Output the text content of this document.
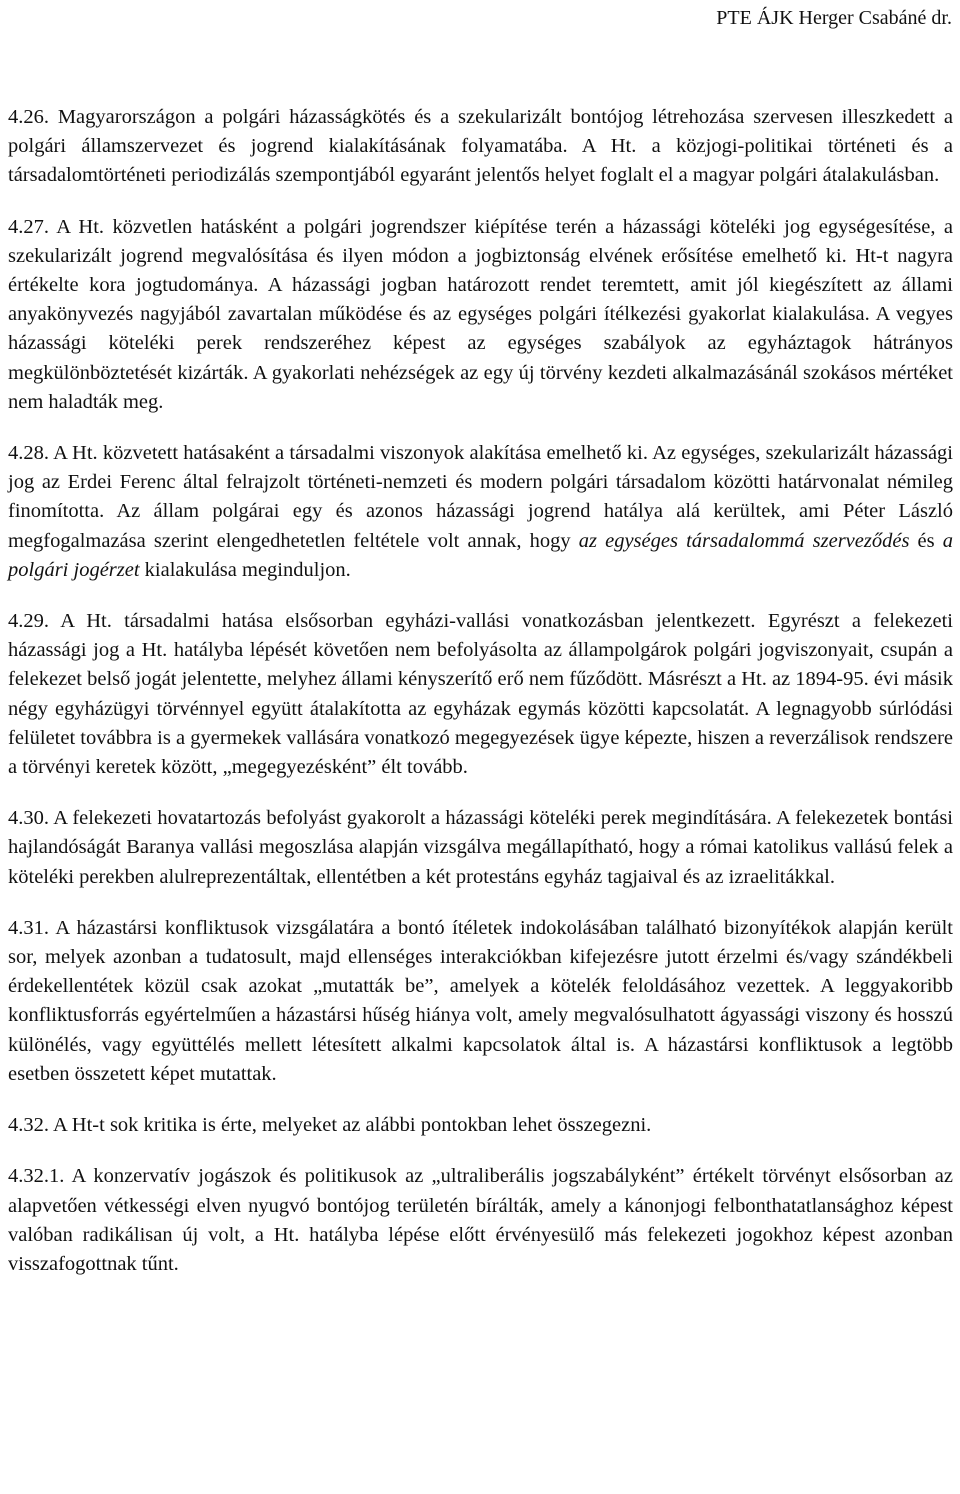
PTE ÁJK Herger Csabáné dr.

4.26. Magyarországon a polgári házasságkötés és a szekularizált bontójog létrehozása szervesen illeszkedett a polgári államszervezet és jogrend kialakításának folyamatába. A Ht. a közjogi-politikai történeti és a társadalomtörténeti periodizálás szempontjából egyaránt jelentős helyet foglalt el a magyar polgári átalakulásban.

4.27. A Ht. közvetlen hatásként a polgári jogrendszer kiépítése terén a házassági köteléki jog egységesítése, a szekularizált jogrend megvalósítása és ilyen módon a jogbiztonság elvének erősítése emelhető ki. Ht-t nagyra értékelte kora jogtudománya. A házassági jogban határozott rendet teremtett, amit jól kiegészített az állami anyakönyvezés nagyjából zavartalan működése és az egységes polgári ítélkezési gyakorlat kialakulása. A vegyes házassági köteléki perek rendszeréhez képest az egységes szabályok az egyháztagok hátrányos megkülönböztetését kizárták. A gyakorlati nehézségek az egy új törvény kezdeti alkalmazásánál szokásos mértéket nem haladták meg.

4.28. A Ht. közvetett hatásaként a társadalmi viszonyok alakítása emelhető ki. Az egységes, szekularizált házassági jog az Erdei Ferenc által felrajzolt történeti-nemzeti és modern polgári társadalom közötti határvonalat némileg finomította. Az állam polgárai egy és azonos házassági jogrend hatálya alá kerültek, ami Péter László megfogalmazása szerint elengedhetetlen feltétele volt annak, hogy az egységes társadalommá szerveződés és a polgári jogérzet kialakulása meginduljon.

4.29. A Ht. társadalmi hatása elsősorban egyházi-vallási vonatkozásban jelentkezett. Egyrészt a felekezeti házassági jog a Ht. hatályba lépését követően nem befolyásolta az állampolgárok polgári jogviszonyait, csupán a felekezet belső jogát jelentette, melyhez állami kényszerítő erő nem fűződött. Másrészt a Ht. az 1894-95. évi másik négy egyházügyi törvénnyel együtt átalakította az egyházak egymás közötti kapcsolatát. A legnagyobb súrlódási felületet továbbra is a gyermekek vallására vonatkozó megegyezések ügye képezte, hiszen a reverzálisok rendszere a törvényi keretek között, „megegyezésként” élt tovább.

4.30. A felekezeti hovatartozás befolyást gyakorolt a házassági köteléki perek megindítására. A felekezetek bontási hajlandóságát Baranya vallási megoszlása alapján vizsgálva megállapítható, hogy a római katolikus vallású felek a köteléki perekben alulreprezentáltak, ellentétben a két protestáns egyház tagjaival és az izraelitákkal.

4.31. A házastársi konfliktusok vizsgálatára a bontó ítéletek indokolásában található bizonyítékok alapján került sor, melyek azonban a tudatosult, majd ellenséges interakciókban kifejezésre jutott érzelmi és/vagy szándékbeli érdekellentétek közül csak azokat „mutatták be”, amelyek a kötelék feloldásához vezettek. A leggyakoribb konfliktusforrás egyértelműen a házastársi hűség hiánya volt, amely megvalósulhatott ágyassági viszony és hosszú különélés, vagy együttélés mellett létesített alkalmi kapcsolatok által is. A házastársi konfliktusok a legtöbb esetben összetett képet mutattak.

4.32. A Ht-t sok kritika is érte, melyeket az alábbi pontokban lehet összegezni.

4.32.1. A konzervatív jogászok és politikusok az „ultraliberális jogszabályként” értékelt törvényt elsősorban az alapvetően vétkességi elven nyugvó bontójog területén bírálták, amely a kánonjogi felbonthatatlansághoz képest valóban radikálisan új volt, a Ht. hatályba lépése előtt érvényesülő más felekezeti jogokhoz képest azonban visszafogottnak tűnt.
